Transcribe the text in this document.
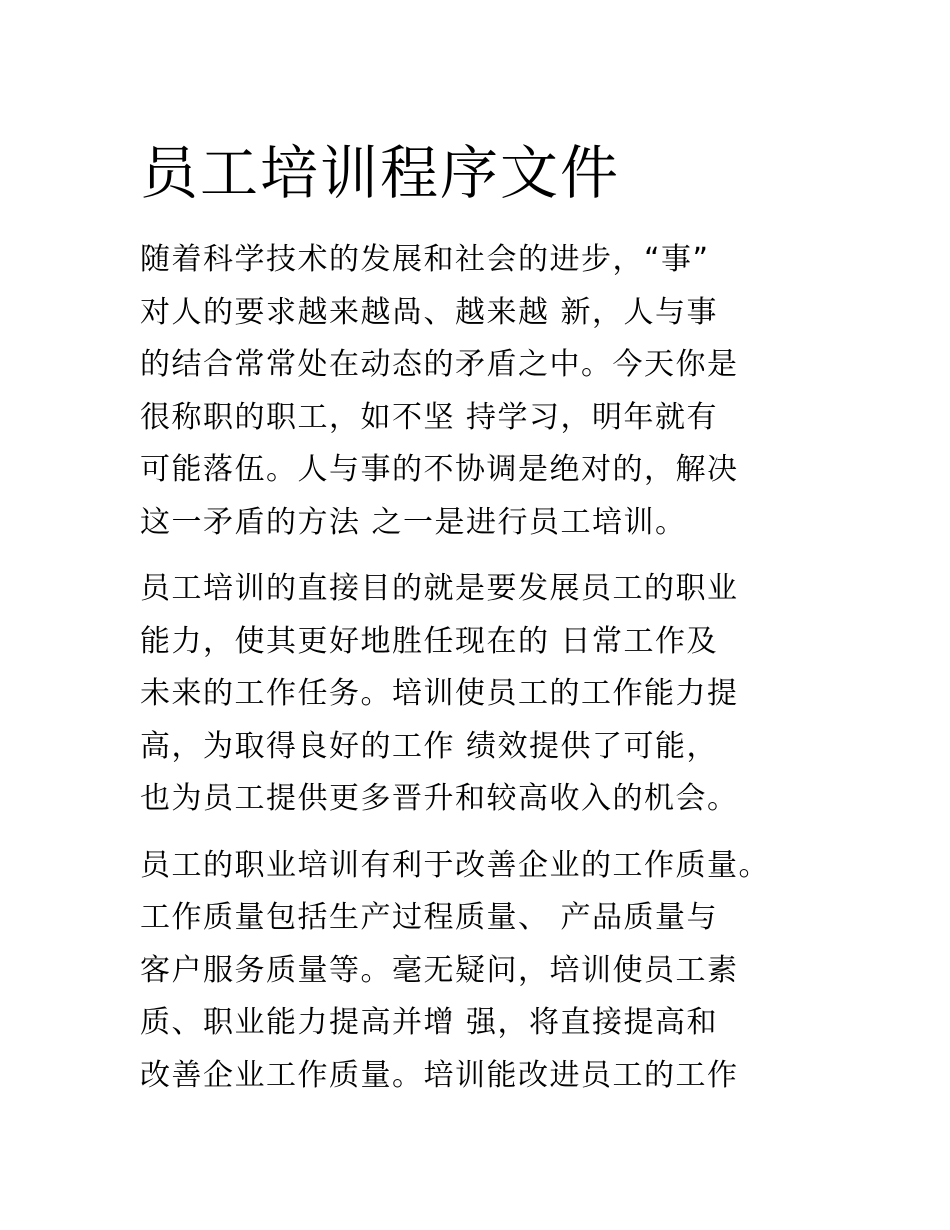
员工培训程序文件
随着科学技术的发展和社会的进步，“事”
对人的要求越来越咼、越来越 新，人与事
的结合常常处在动态的矛盾之中。今天你是
很称职的职工，如不坚 持学习，明年就有
可能落伍。人与事的不协调是绝对的，解决
这一矛盾的方法 之一是进行员工培训。
员工培训的直接目的就是要发展员工的职业
能力，使其更好地胜任现在的 日常工作及
未来的工作任务。培训使员工的工作能力提
高，为取得良好的工作 绩效提供了可能，
也为员工提供更多晋升和较高收入的机会。
员工的职业培训有利于改善企业的工作质量。
工作质量包括生产过程质量、 产品质量与
客户服务质量等。毫无疑问，培训使员工素
质、职业能力提高并增 强，将直接提高和
改善企业工作质量。培训能改进员工的工作
